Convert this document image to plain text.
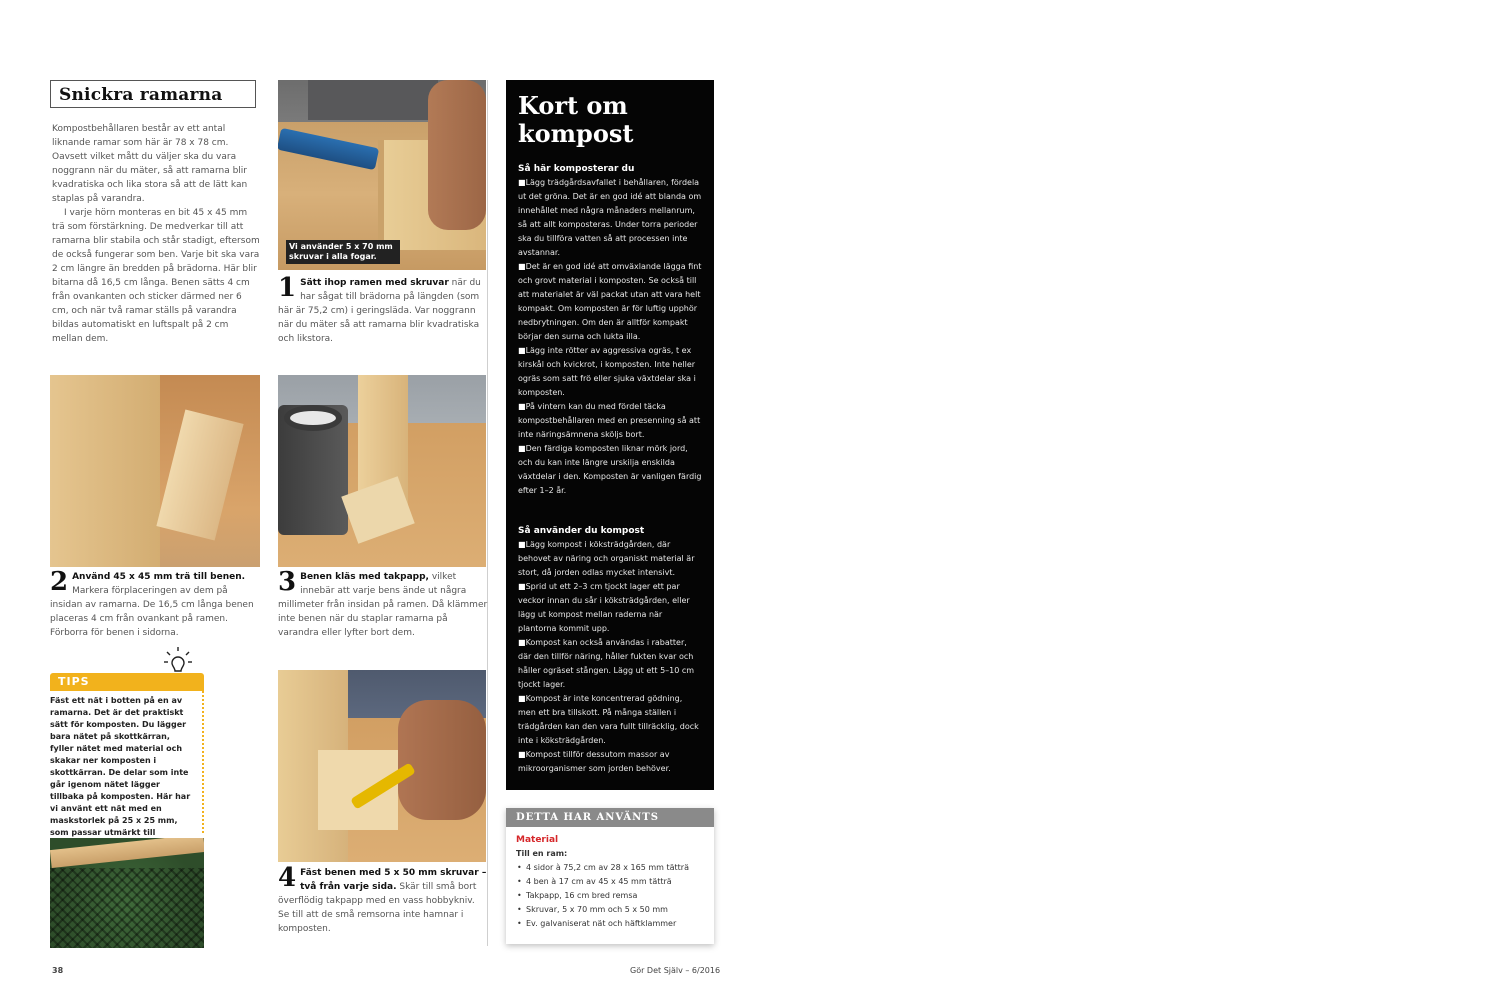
Snickra ramarna

Kompostbehållaren består av ett antal liknande ramar som här är 78 x 78 cm. Oavsett vilket mått du väljer ska du vara noggrann när du mäter, så att ramarna blir kvadratiska och lika stora så att de lätt kan staplas på varandra.

I varje hörn monteras en bit 45 x 45 mm trä som förstärkning. De medverkar till att ramarna blir stabila och står stadigt, eftersom de också fungerar som ben. Varje bit ska vara 2 cm längre än bredden på brädorna. Här blir bitarna då 16,5 cm långa. Benen sätts 4 cm från ovankanten och sticker därmed ner 6 cm, och när två ramar ställs på varandra bildas automatiskt en luftspalt på 2 cm mellan dem.

Vi använder 5 x 70 mm skruvar i alla fogar.
1 Sätt ihop ramen med skruvar när du har sågat till brädorna på längden (som här är 75,2 cm) i geringsläda. Var noggrann när du mäter så att ramarna blir kvadratiska och likstora.
2 Använd 45 x 45 mm trä till benen. Markera förplaceringen av dem på insidan av ramarna. De 16,5 cm långa benen placeras 4 cm från ovankant på ramen. Förborra för benen i sidorna.
3 Benen kläs med takpapp, vilket innebär att varje bens ände ut några millimeter från insidan på ramen. Då klämmer inte benen när du staplar ramarna på varandra eller lyfter bort dem.
TIPS
Fäst ett nät i botten på en av ramarna. Det är det praktiskt sätt för komposten. Du lägger bara nätet på skottkärran, fyller nätet med material och skakar ner komposten i skottkärran. De delar som inte går igenom nätet lägger tillbaka på komposten. Här har vi använt ett nät med en maskstorlek på 25 x 25 mm, som passar utmärkt till
4 Fäst benen med 5 x 50 mm skruvar – två från varje sida. Skär till små bort överflödig takpapp med en vass hobbykniv. Se till att de små remsorna inte hamnar i komposten.
Kort om
kompost
Så här komposterar du

■ Lägg trädgårdsavfallet i behållaren, fördela ut det gröna. Det är en god idé att blanda om innehållet med några månaders mellanrum, så att allt komposteras. Under torra perioder ska du tillföra vatten så att processen inte avstannar.

■ Det är en god idé att omväxlande lägga fint och grovt material i komposten. Se också till att materialet är väl packat utan att vara helt kompakt. Om komposten är för luftig upphör nedbrytningen. Om den är alltför kompakt börjar den surna och lukta illa.

■ Lägg inte rötter av aggressiva ogräs, t ex kirskål och kvickrot, i komposten. Inte heller ogräs som satt frö eller sjuka växtdelar ska i komposten.

■ På vintern kan du med fördel täcka kompostbehållaren med en presenning så att inte näringsämnena sköljs bort.

■ Den färdiga komposten liknar mörk jord, och du kan inte längre urskilja enskilda växtdelar i den. Komposten är vanligen färdig efter 1–2 år.

Så använder du kompost

■ Lägg kompost i köksträdgården, där behovet av näring och organiskt material är stort, då jorden odlas mycket intensivt.

■ Sprid ut ett 2–3 cm tjockt lager ett par veckor innan du sår i köksträdgården, eller lägg ut kompost mellan raderna när plantorna kommit upp.

■ Kompost kan också användas i rabatter, där den tillför näring, håller fukten kvar och håller ogräset stången. Lägg ut ett 5–10 cm tjockt lager.

■ Kompost är inte koncentrerad gödning, men ett bra tillskott. På många ställen i trädgården kan den vara fullt tillräcklig, dock inte i köksträdgården.

■ Kompost tillför dessutom massor av mikroorganismer som jorden behöver.

DETTA HAR ANVÄNTS
Material
Till en ram:
• 4 sidor à 75,2 cm av 28 x 165 mm tätträ
• 4 ben à 17 cm av 45 x 45 mm tätträ
• Takpapp, 16 cm bred remsa
• Skruvar, 5 x 70 mm och 5 x 50 mm
• Ev. galvaniserat nät och häftklammer
38	Gör Det Själv – 6/2016
